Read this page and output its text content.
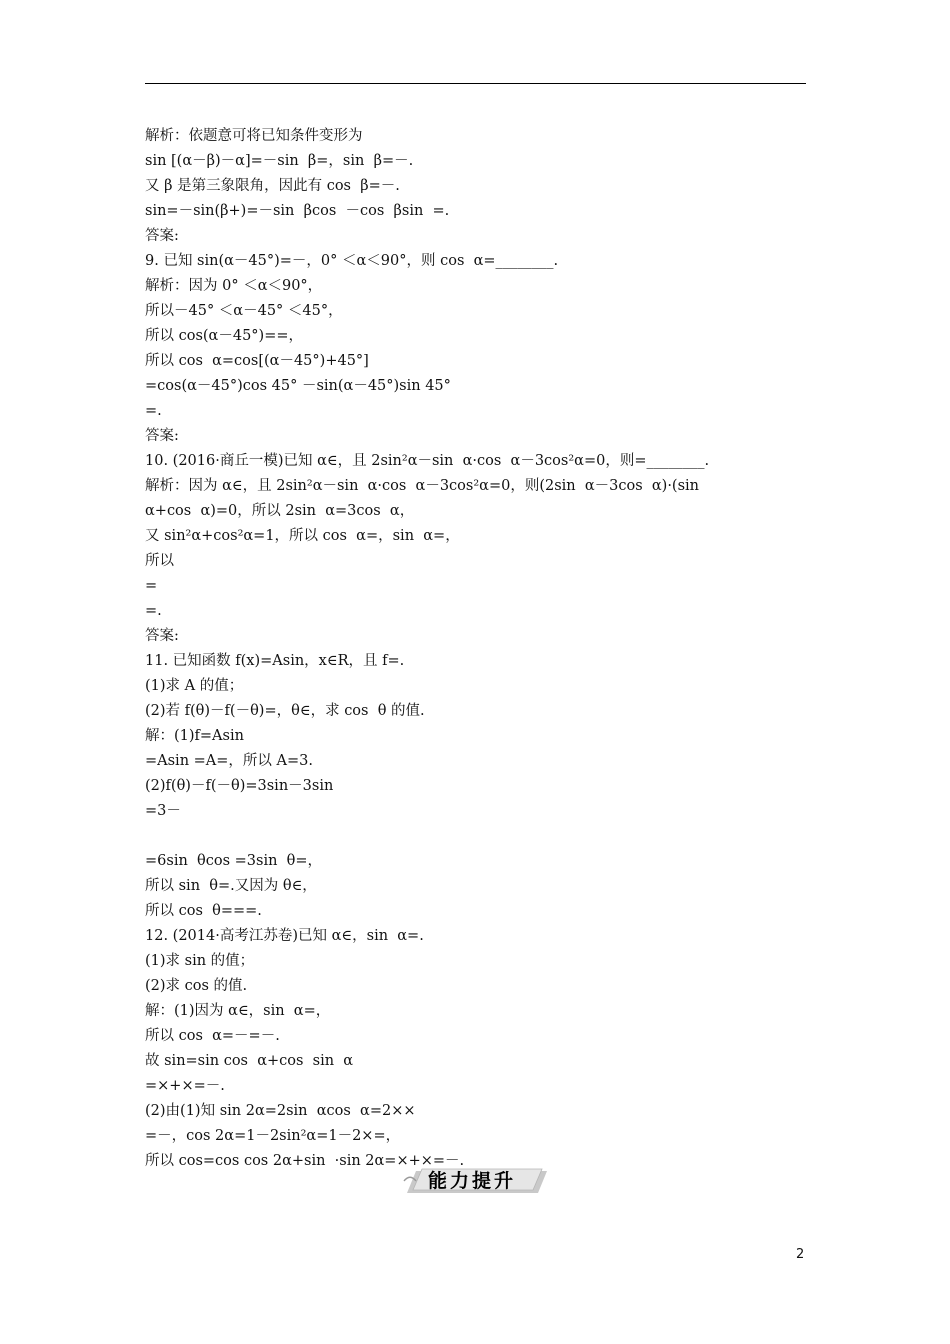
解析：依题意可将已知条件变形为
sin [(α－β)－α]=－sin  β=，sin  β=－.
又 β 是第三象限角，因此有 cos  β=－.
sin=－sin(β+)=－sin  βcos  －cos  βsin  =.
答案:
9. 已知 sin(α－45°)=－，0° ＜α＜90°，则 cos  α=________.
解析：因为 0° ＜α＜90°，
所以－45° ＜α－45° ＜45°，
所以 cos(α－45°)==，
所以 cos  α=cos[(α－45°)+45°]
=cos(α－45°)cos 45° －sin(α－45°)sin 45°
=.
答案:
10. (2016·商丘一模)已知 α∈，且 2sin²α－sin  α·cos  α－3cos²α=0，则=________.
解析：因为 α∈，且 2sin²α－sin  α·cos  α－3cos²α=0，则(2sin  α－3cos  α)·(sin
α+cos  α)=0，所以 2sin  α=3cos  α，
又 sin²α+cos²α=1，所以 cos  α=，sin  α=，
所以
=
=.
答案:
11. 已知函数 f(x)=Asin，x∈R，且 f=.
(1)求 A 的值；
(2)若 f(θ)－f(－θ)=，θ∈，求 cos  θ 的值.
解：(1)f=Asin
=Asin =A=，所以 A=3.
(2)f(θ)－f(－θ)=3sin－3sin
=3－
=6sin  θcos =3sin  θ=，
所以 sin  θ=.又因为 θ∈，
所以 cos  θ===.
12. (2014·高考江苏卷)已知 α∈，sin  α=.
(1)求 sin 的值；
(2)求 cos 的值.
解：(1)因为 α∈，sin  α=，
所以 cos  α=－=－.
故 sin=sin cos  α+cos  sin  α
=×+×=－.
(2)由(1)知 sin 2α=2sin  αcos  α=2××
=－，cos 2α=1－2sin²α=1－2×=，
所以 cos=cos cos 2α+sin  ·sin 2α=×+×=－.
能力提升
2
